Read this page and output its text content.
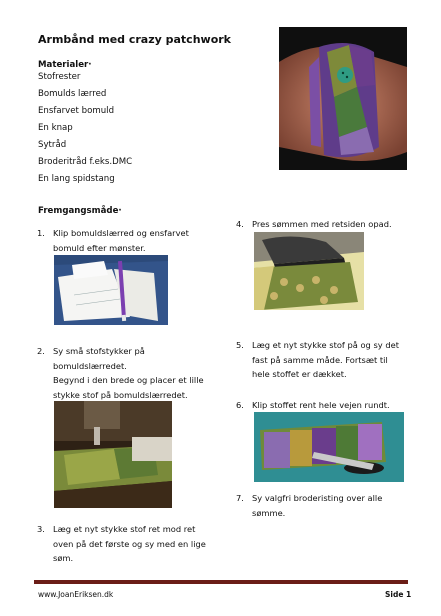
Armbånd med crazy patchwork
Materialer·
Stofrester
Bomulds lærred
Ensfarvet bomuld
En knap
Sytråd
Broderitråd f.eks.DMC
En lang spidstang
Fremgangsmåde·
1. Klip bomuldslærred og ensfarvet
bomuld efter mønster.
2. Sy små stofstykker på
bomuldslærredet.
Begynd i den brede og placer et lille
stykke stof på bomuldslærredet.
3. Læg et nyt stykke stof ret mod ret
oven på det første og sy med en lige
søm.
4. Pres sømmen med retsiden opad.
5. Læg et nyt stykke stof på og sy det
fast på samme måde. Fortsæt til
hele stoffet er dækket.
6. Klip stoffet rent hele vejen rundt.
7. Sy valgfri broderisting over alle
sømme.
www.JoanEriksen.dk	Side 1
